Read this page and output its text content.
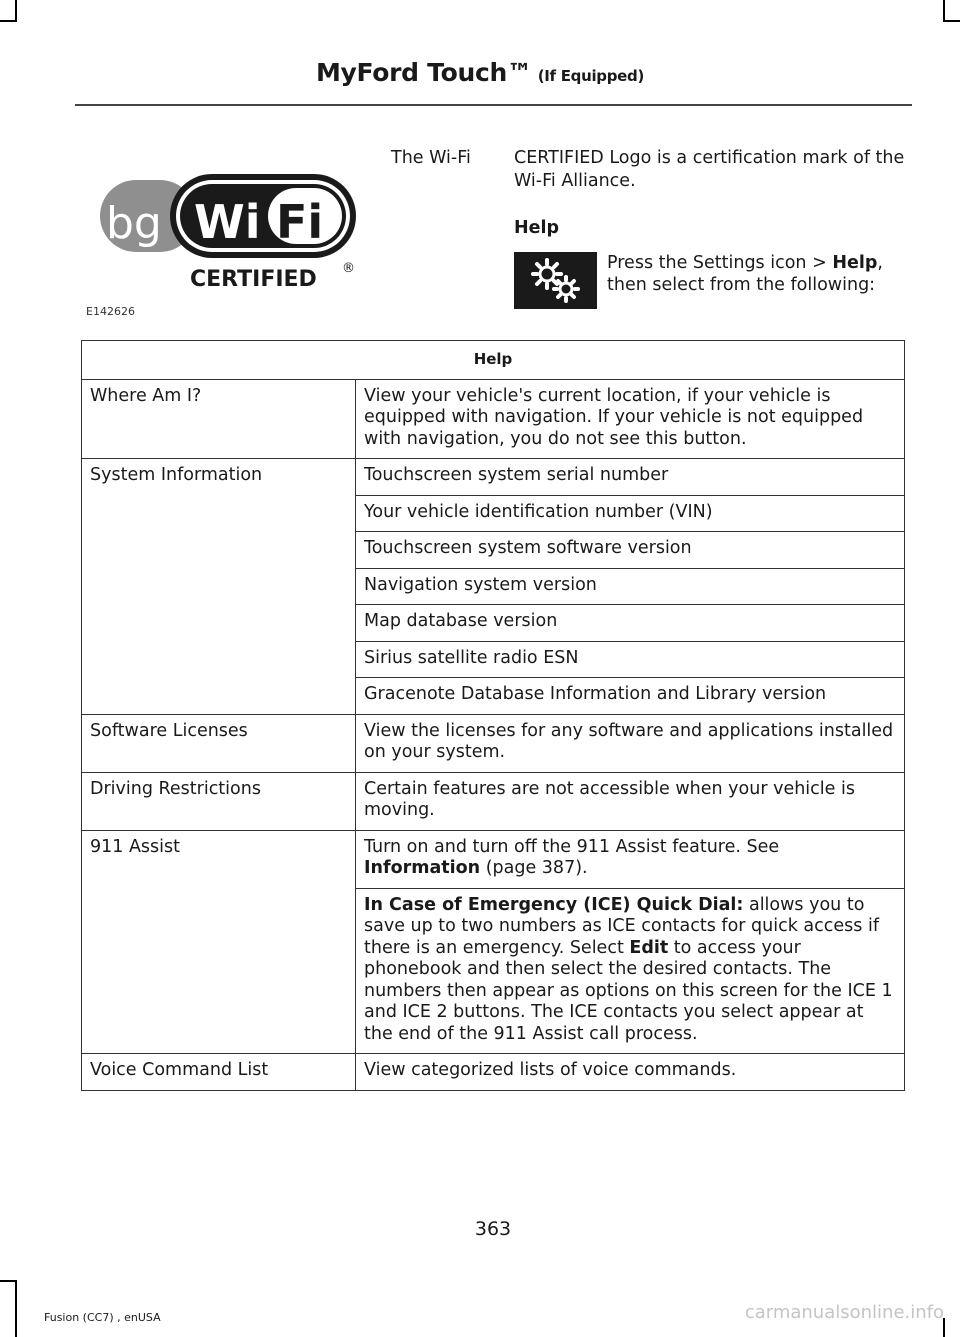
MyFord Touch™ (If Equipped)
bg Wi Fi
CERTIFIED ®
E142626
The Wi-Fi	CERTIFIED Logo is a certification mark of the Wi-Fi Alliance.
Help
Press the Settings icon > Help, then select from the following:
Help	
Where Am I?	View your vehicle's current location, if your vehicle is equipped with navigation. If your vehicle is not equipped with navigation, you do not see this button.
System Information	Touchscreen system serial number
	Your vehicle identification number (VIN)
	Touchscreen system software version
	Navigation system version
	Map database version
	Sirius satellite radio ESN
	Gracenote Database Information and Library version
Software Licenses	View the licenses for any software and applications installed on your system.
Driving Restrictions	Certain features are not accessible when your vehicle is moving.
911 Assist	Turn on and turn off the 911 Assist feature. See Information (page 387).
	In Case of Emergency (ICE) Quick Dial: allows you to save up to two numbers as ICE contacts for quick access if there is an emergency. Select Edit to access your phonebook and then select the desired contacts. The numbers then appear as options on this screen for the ICE 1 and ICE 2 buttons. The ICE contacts you select appear at the end of the 911 Assist call process.
Voice Command List	View categorized lists of voice commands.
363
Fusion (CC7) , enUSA	carmanualsonline.info
